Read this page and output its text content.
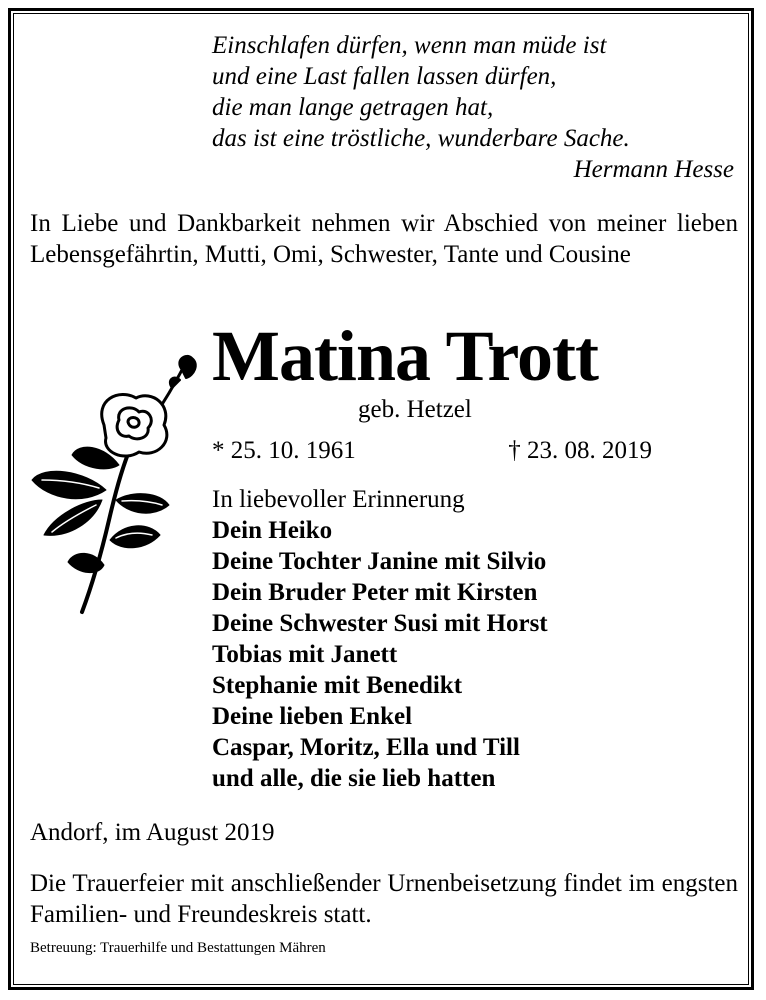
Einschlafen dürfen, wenn man müde ist
und eine Last fallen lassen dürfen,
die man lange getragen hat,
das ist eine tröstliche, wunderbare Sache.
Hermann Hesse
In Liebe und Dankbarkeit nehmen wir Abschied von meiner lieben Lebensgefährtin, Mutti, Omi, Schwester, Tante und Cousine
Matina Trott
geb. Hetzel
* 25. 10. 1961	† 23. 08. 2019
In liebevoller Erinnerung
Dein Heiko
Deine Tochter Janine mit Silvio
Dein Bruder Peter mit Kirsten
Deine Schwester Susi mit Horst
Tobias mit Janett
Stephanie mit Benedikt
Deine lieben Enkel
Caspar, Moritz, Ella und Till
und alle, die sie lieb hatten
Andorf, im August 2019
Die Trauerfeier mit anschließender Urnenbeisetzung findet im engsten Familien- und Freundeskreis statt.
Betreuung: Trauerhilfe und Bestattungen Mähren
